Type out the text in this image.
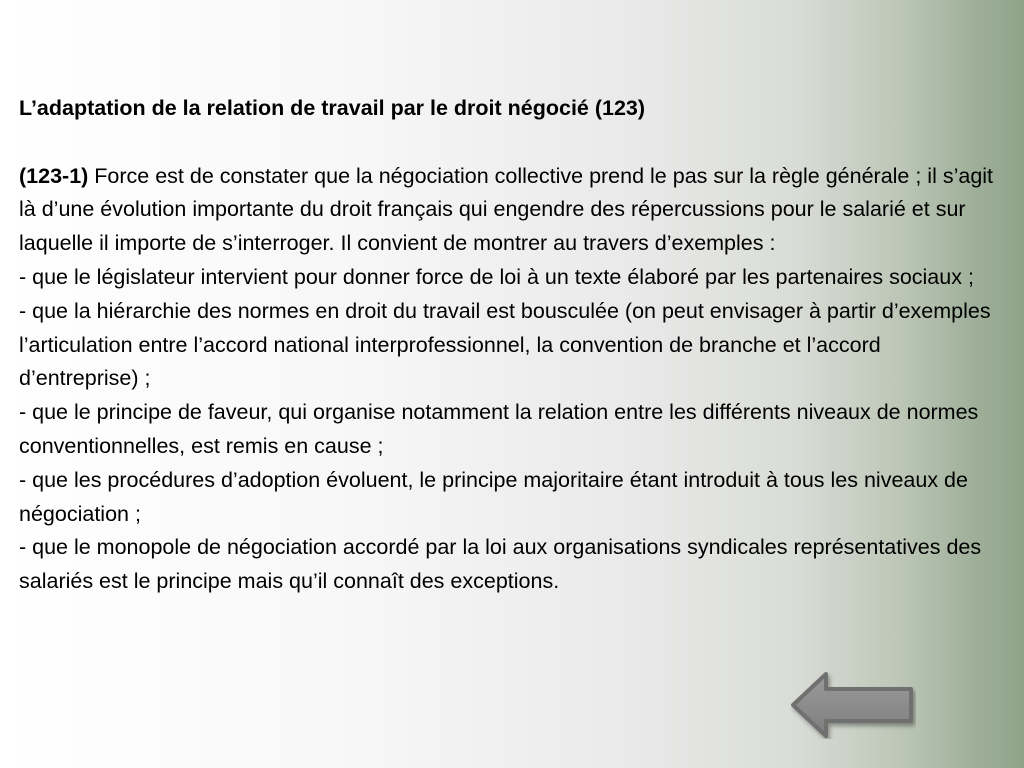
L’adaptation de la relation de travail par le droit négocié (123)

(123-1) Force est de constater que la négociation collective prend le pas sur la règle générale ; il s’agit là d’une évolution importante du droit français qui engendre des répercussions pour le salarié et sur laquelle il importe de s’interroger. Il convient de montrer au travers d’exemples :

- que le législateur intervient pour donner force de loi à un texte élaboré par les partenaires sociaux ;

- que la hiérarchie des normes en droit du travail est bousculée (on peut envisager à partir d’exemples l’articulation entre l’accord national interprofessionnel, la convention de branche et l’accord d’entreprise) ;

- que le principe de faveur, qui organise notamment la relation entre les différents niveaux de normes conventionnelles, est remis en cause ;

- que les procédures d’adoption évoluent, le principe majoritaire étant introduit à tous les niveaux de négociation ;

- que le monopole de négociation accordé par la loi aux organisations syndicales représentatives des salariés est le principe mais qu’il connaît des exceptions.
